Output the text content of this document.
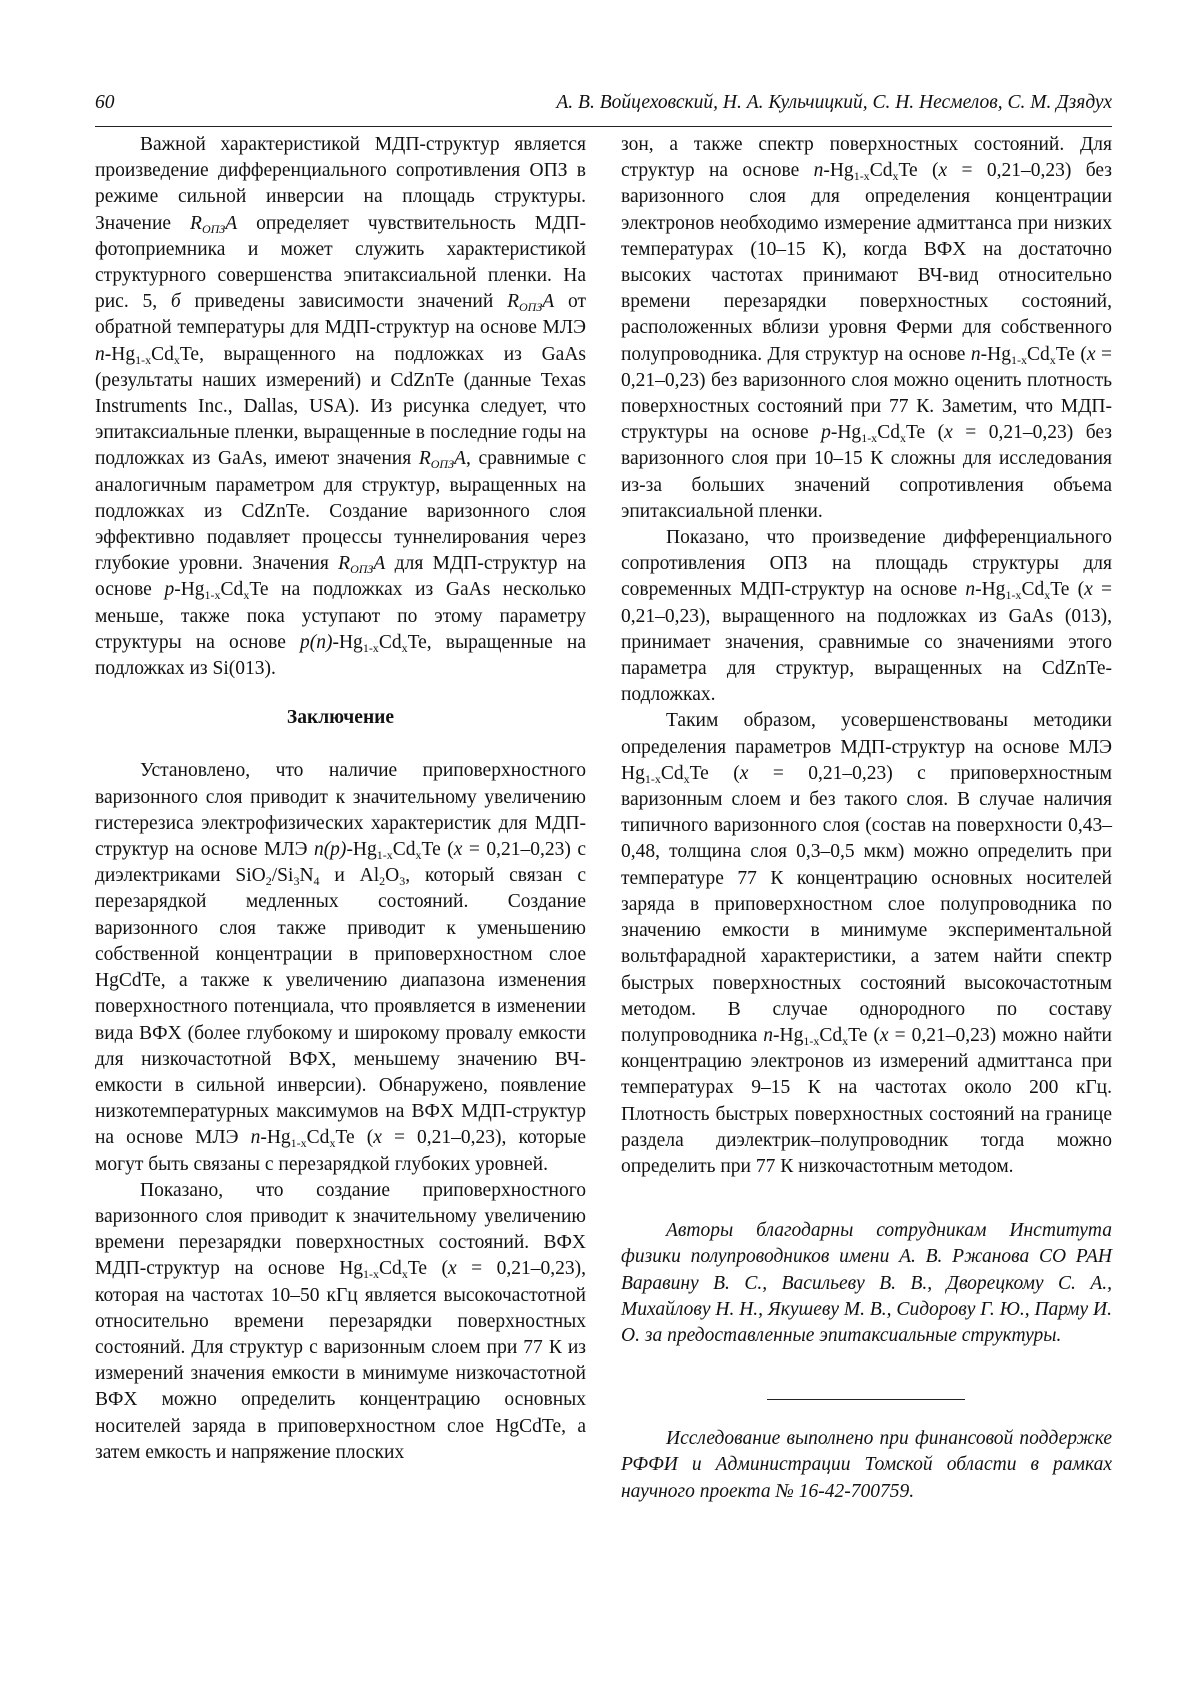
60	А. В. Войцеховский, Н. А. Кульчицкий, С. Н. Несмелов, С. М. Дзядух

Важной характеристикой МДП-структур является произведение дифференциального сопротивления ОПЗ в режиме сильной инверсии на площадь структуры. Значение $R_{ОПЗ}A$ определяет чувствительность МДП-фотоприемника и может служить характеристикой структурного совершенства эпитаксиальной пленки. На рис. 5, б приведены зависимости значений $R_{ОПЗ}A$ от обратной температуры для МДП-структур на основе МЛЭ $n-Hg_{1-x}Cd_xTe$, выращенного на подложках из GaAs (результаты наших измерений) и CdZnTe (данные Texas Instruments Inc., Dallas, USA). Из рисунка следует, что эпитаксиальные пленки, выращенные в последние годы на подложках из GaAs, имеют значения $R_{ОПЗ}A$, сравнимые с аналогичным параметром для структур, выращенных на подложках из CdZnTe. Создание варизонного слоя эффективно подавляет процессы туннелирования через глубокие уровни. Значения $R_{ОПЗ}A$ для МДП-структур на основе $p-Hg_{1-x}Cd_xTe$ на подложках из GaAs несколько меньше, также пока уступают по этому параметру структуры на основе $p(n)-Hg_{1-x}Cd_xTe$, выращенные на подложках из Si(013).

Заключение

Установлено, что наличие приповерхностного варизонного слоя приводит к значительному увеличению гистерезиса электрофизических характеристик для МДП-структур на основе МЛЭ $n(p)-Hg_{1-x}Cd_xTe$ (x = 0,21–0,23) с диэлектриками $SiO_2/Si_3N_4$ и $Al_2O_3$, который связан с перезарядкой медленных состояний. Создание варизонного слоя также приводит к уменьшению собственной концентрации в приповерхностном слое HgCdTe, а также к увеличению диапазона изменения поверхностного потенциала, что проявляется в изменении вида ВФХ (более глубокому и широкому провалу емкости для низкочастотной ВФХ, меньшему значению ВЧ-емкости в сильной инверсии). Обнаружено, появление низкотемпературных максимумов на ВФХ МДП-структур на основе МЛЭ $n-Hg_{1-x}Cd_xTe$ (x = 0,21–0,23), которые могут быть связаны с перезарядкой глубоких уровней.

Показано, что создание приповерхностного варизонного слоя приводит к значительному увеличению времени перезарядки поверхностных состояний. ВФХ МДП-структур на основе $Hg_{1-x}Cd_xTe$ (x = 0,21–0,23), которая на частотах 10–50 кГц является высокочастотной относительно времени перезарядки поверхностных состояний. Для структур с варизонным слоем при 77 К из измерений значения емкости в минимуме низкочастотной ВФХ можно определить концентрацию основных носителей заряда в приповерхностном слое HgCdTe, а затем емкость и напряжение плоских

зон, а также спектр поверхностных состояний. Для структур на основе $n-Hg_{1-x}Cd_xTe$ (x = 0,21–0,23) без варизонного слоя для определения концентрации электронов необходимо измерение адмиттанса при низких температурах (10–15 К), когда ВФХ на достаточно высоких частотах принимают ВЧ-вид относительно времени перезарядки поверхностных состояний, расположенных вблизи уровня Ферми для собственного полупроводника. Для структур на основе $n-Hg_{1-x}Cd_xTe$ (x = 0,21–0,23) без варизонного слоя можно оценить плотность поверхностных состояний при 77 К. Заметим, что МДП-структуры на основе $p-Hg_{1-x}Cd_xTe$ (x = 0,21–0,23) без варизонного слоя при 10–15 К сложны для исследования из-за больших значений сопротивления объема эпитаксиальной пленки.

Показано, что произведение дифференциального сопротивления ОПЗ на площадь структуры для современных МДП-структур на основе $n-Hg_{1-x}Cd_xTe$ (x = 0,21–0,23), выращенного на подложках из GaAs (013), принимает значения, сравнимые со значениями этого параметра для структур, выращенных на CdZnTe-подложках.

Таким образом, усовершенствованы методики определения параметров МДП-структур на основе МЛЭ $Hg_{1-x}Cd_xTe$ (x = 0,21–0,23) с приповерхностным варизонным слоем и без такого слоя. В случае наличия типичного варизонного слоя (состав на поверхности 0,43–0,48, толщина слоя 0,3–0,5 мкм) можно определить при температуре 77 К концентрацию основных носителей заряда в приповерхностном слое полупроводника по значению емкости в минимуме экспериментальной вольтфарадной характеристики, а затем найти спектр быстрых поверхностных состояний высокочастотным методом. В случае однородного по составу полупроводника $n-Hg_{1-x}Cd_xTe$ (x = 0,21–0,23) можно найти концентрацию электронов из измерений адмиттанса при температурах 9–15 К на частотах около 200 кГц. Плотность быстрых поверхностных состояний на границе раздела диэлектрик–полупроводник тогда можно определить при 77 К низкочастотным методом.

Авторы благодарны сотрудникам Института физики полупроводников имени А. В. Ржанова СО РАН Варавину В. С., Васильеву В. В., Дворецкому С. А., Михайлову Н. Н., Якушеву М. В., Сидорову Г. Ю., Парму И. О. за предоставленные эпитаксиальные структуры.

Исследование выполнено при финансовой поддержке РФФИ и Администрации Томской области в рамках научного проекта № 16-42-700759.
